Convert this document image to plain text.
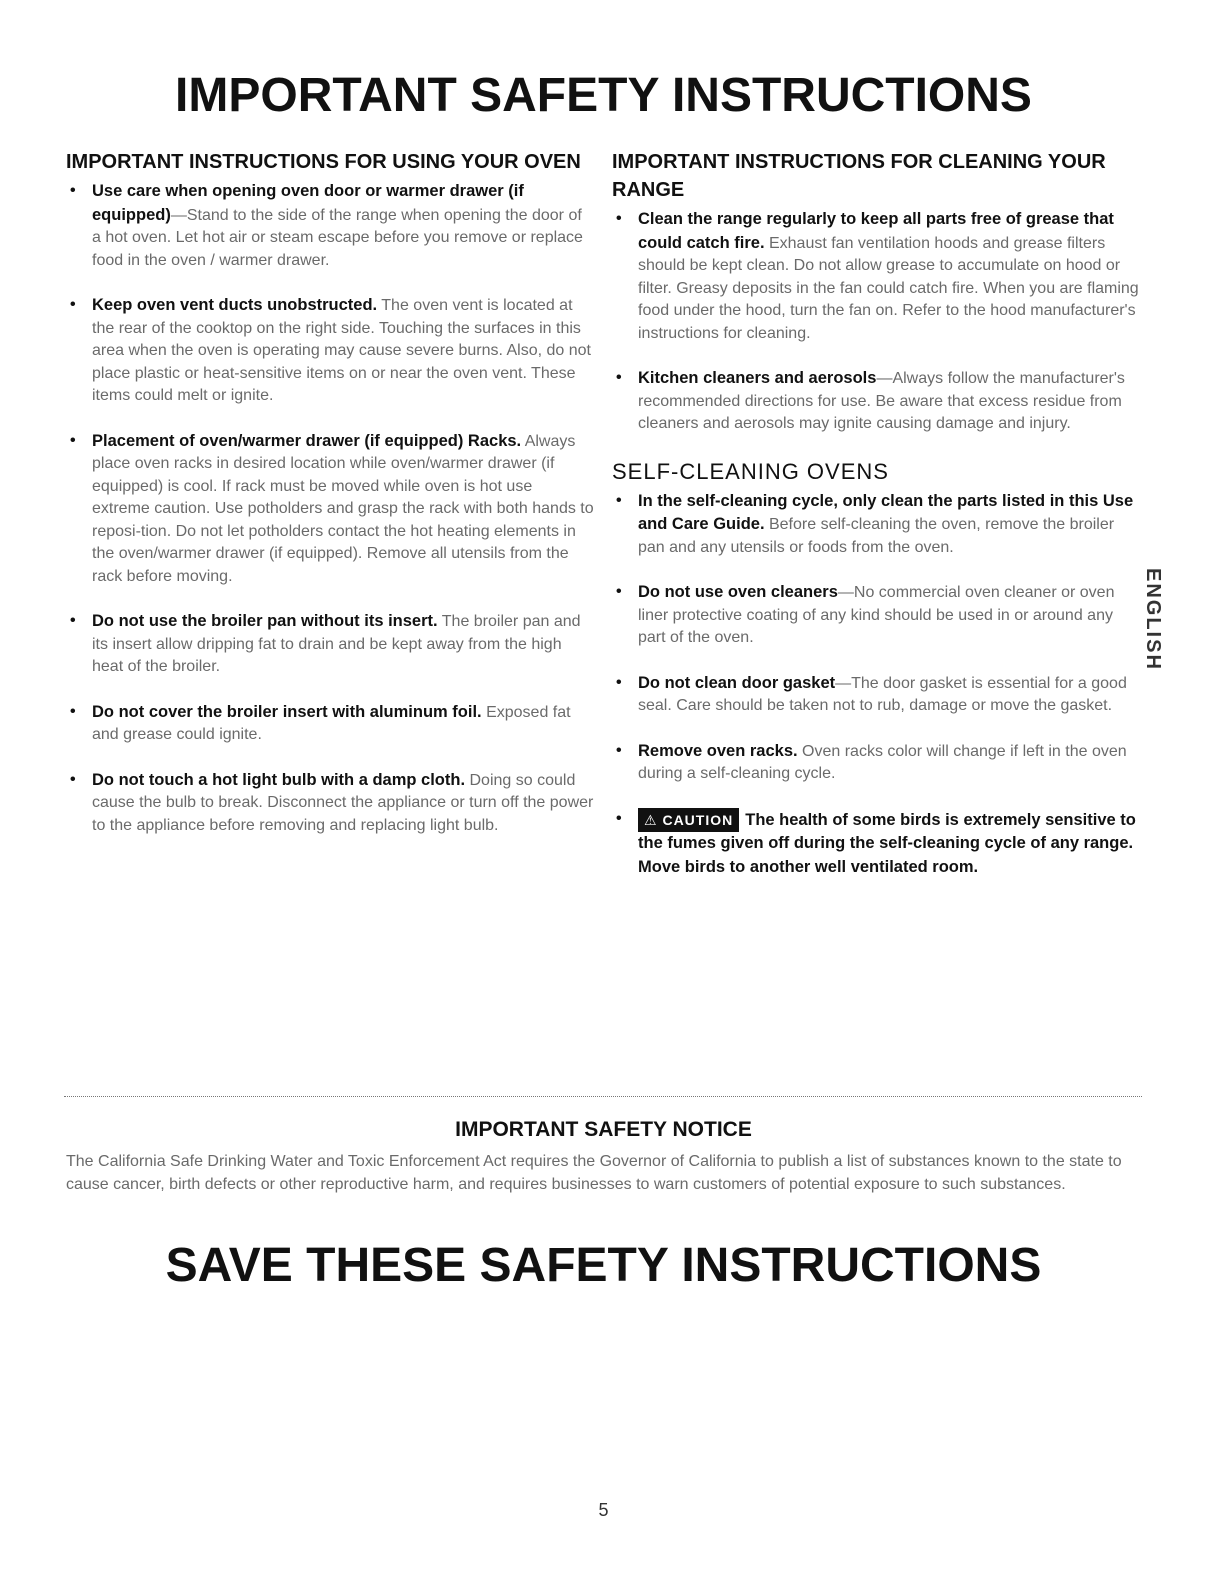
IMPORTANT SAFETY INSTRUCTIONS
IMPORTANT INSTRUCTIONS FOR USING YOUR OVEN
• Use care when opening oven door or warmer drawer (if equipped)—Stand to the side of the range when opening the door of a hot oven. Let hot air or steam escape before you remove or replace food in the oven / warmer drawer.
• Keep oven vent ducts unobstructed. The oven vent is located at the rear of the cooktop on the right side. Touching the surfaces in this area when the oven is operating may cause severe burns. Also, do not place plastic or heat-sensitive items on or near the oven vent. These items could melt or ignite.
• Placement of oven/warmer drawer (if equipped) Racks. Always place oven racks in desired location while oven/warmer drawer (if equipped) is cool. If rack must be moved while oven is hot use extreme caution. Use potholders and grasp the rack with both hands to reposi-tion. Do not let potholders contact the hot heating elements in the oven/warmer drawer (if equipped). Remove all utensils from the rack before moving.
• Do not use the broiler pan without its insert. The broiler pan and its insert allow dripping fat to drain and be kept away from the high heat of the broiler.
• Do not cover the broiler insert with aluminum foil. Exposed fat and grease could ignite.
• Do not touch a hot light bulb with a damp cloth. Doing so could cause the bulb to break. Disconnect the appliance or turn off the power to the appliance before removing and replacing light bulb.
IMPORTANT INSTRUCTIONS FOR CLEANING YOUR RANGE
• Clean the range regularly to keep all parts free of grease that could catch fire. Exhaust fan ventilation hoods and grease filters should be kept clean. Do not allow grease to accumulate on hood or filter. Greasy deposits in the fan could catch fire. When you are flaming food under the hood, turn the fan on. Refer to the hood manufacturer's instructions for cleaning.
• Kitchen cleaners and aerosols—Always follow the manufacturer's recommended directions for use. Be aware that excess residue from cleaners and aerosols may ignite causing damage and injury.
SELF-CLEANING OVENS
• In the self-cleaning cycle, only clean the parts listed in this Use and Care Guide. Before self-cleaning the oven, remove the broiler pan and any utensils or foods from the oven.
• Do not use oven cleaners—No commercial oven cleaner or oven liner protective coating of any kind should be used in or around any part of the oven.
• Do not clean door gasket—The door gasket is essential for a good seal. Care should be taken not to rub, damage or move the gasket.
• Remove oven racks. Oven racks color will change if left in the oven during a self-cleaning cycle.
• ⚠ CAUTION The health of some birds is extremely sensitive to the fumes given off during the self-cleaning cycle of any range. Move birds to another well ventilated room.
ENGLISH
IMPORTANT SAFETY NOTICE

The California Safe Drinking Water and Toxic Enforcement Act requires the Governor of California to publish a list of substances known to the state to cause cancer, birth defects or other reproductive harm, and requires businesses to warn customers of potential exposure to such substances.

SAVE THESE SAFETY INSTRUCTIONS
5
